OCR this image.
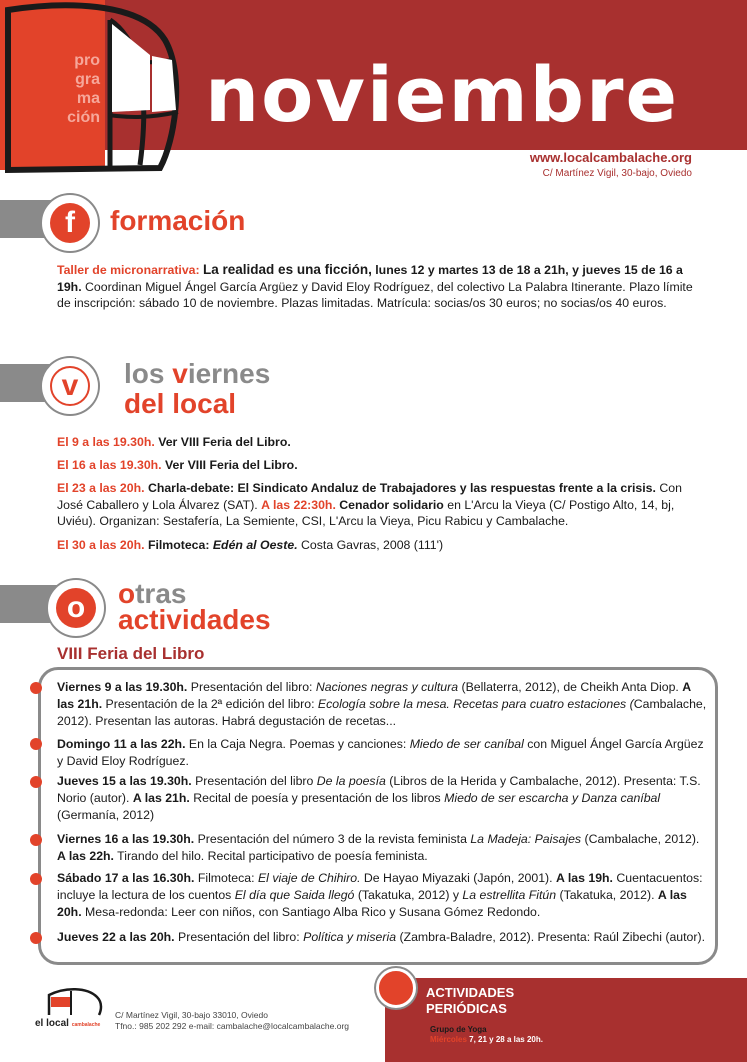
pro
gra
ma
ción noviembre
www.localcambalache.org
C/ Martínez Vigil, 30-bajo, Oviedo
f	formación
Taller de micronarrativa: La realidad es una ficción, lunes 12 y martes 13 de 18 a 21h, y jueves 15 de 16 a 19h. Coordinan Miguel Ángel García Argüez y David Eloy Rodríguez, del colectivo La Palabra Itinerante. Plazo límite de inscripción: sábado 10 de noviembre. Plazas limitadas. Matrícula: socias/os 30 euros; no socias/os 40 euros.
v	los viernes
del local
El 9 a las 19.30h. Ver VIII Feria del Libro.
El 16 a las 19.30h. Ver VIII Feria del Libro.
El 23 a las 20h. Charla-debate: El Sindicato Andaluz de Trabajadores y las respuestas frente a la crisis. Con José Caballero y Lola Álvarez (SAT). A las 22:30h. Cenador solidario en L'Arcu la Vieya (C/ Postigo Alto, 14, bj, Uviéu). Organizan: Sestafería, La Semiente, CSI, L'Arcu la Vieya, Picu Rabicu y Cambalache.
El 30 a las 20h. Filmoteca: Edén al Oeste. Costa Gavras, 2008 (111')
o	otras
actividades
VIII Feria del Libro
Viernes 9 a las 19.30h. Presentación del libro: Naciones negras y cultura (Bellaterra, 2012), de Cheikh Anta Diop. A las 21h. Presentación de la 2ª edición del libro: Ecología sobre la mesa. Recetas para cuatro estaciones (Cambalache, 2012). Presentan las autoras. Habrá degustación de recetas...
Domingo 11 a las 22h. En la Caja Negra. Poemas y canciones: Miedo de ser caníbal con Miguel Ángel García Argüez y David Eloy Rodríguez.
Jueves 15 a las 19.30h. Presentación del libro De la poesía (Libros de la Herida y Cambalache, 2012). Presenta: T.S. Norio (autor). A las 21h. Recital de poesía y presentación de los libros Miedo de ser escarcha y Danza caníbal (Germanía, 2012)
Viernes 16 a las 19.30h. Presentación del número 3 de la revista feminista La Madeja: Paisajes (Cambalache, 2012). A las 22h. Tirando del hilo. Recital participativo de poesía feminista.
Sábado 17 a las 16.30h. Filmoteca: El viaje de Chihiro. De Hayao Miyazaki (Japón, 2001). A las 19h. Cuentacuentos: incluye la lectura de los cuentos El día que Saida llegó (Takatuka, 2012) y La estrellita Fitún (Takatuka, 2012). A las 20h. Mesa-redonda: Leer con niños, con Santiago Alba Rico y Susana Gómez Redondo.
Jueves 22 a las 20h. Presentación del libro: Política y miseria (Zambra-Baladre, 2012). Presenta: Raúl Zibechi (autor).
el local cambalache
C/ Martínez Vigil, 30-bajo 33010, Oviedo
Tfno.: 985 202 292 e-mail: cambalache@localcambalache.org
ACTIVIDADES
PERIÓDICAS
Grupo de Yoga
Miércoles 7, 21 y 28 a las 20h.
